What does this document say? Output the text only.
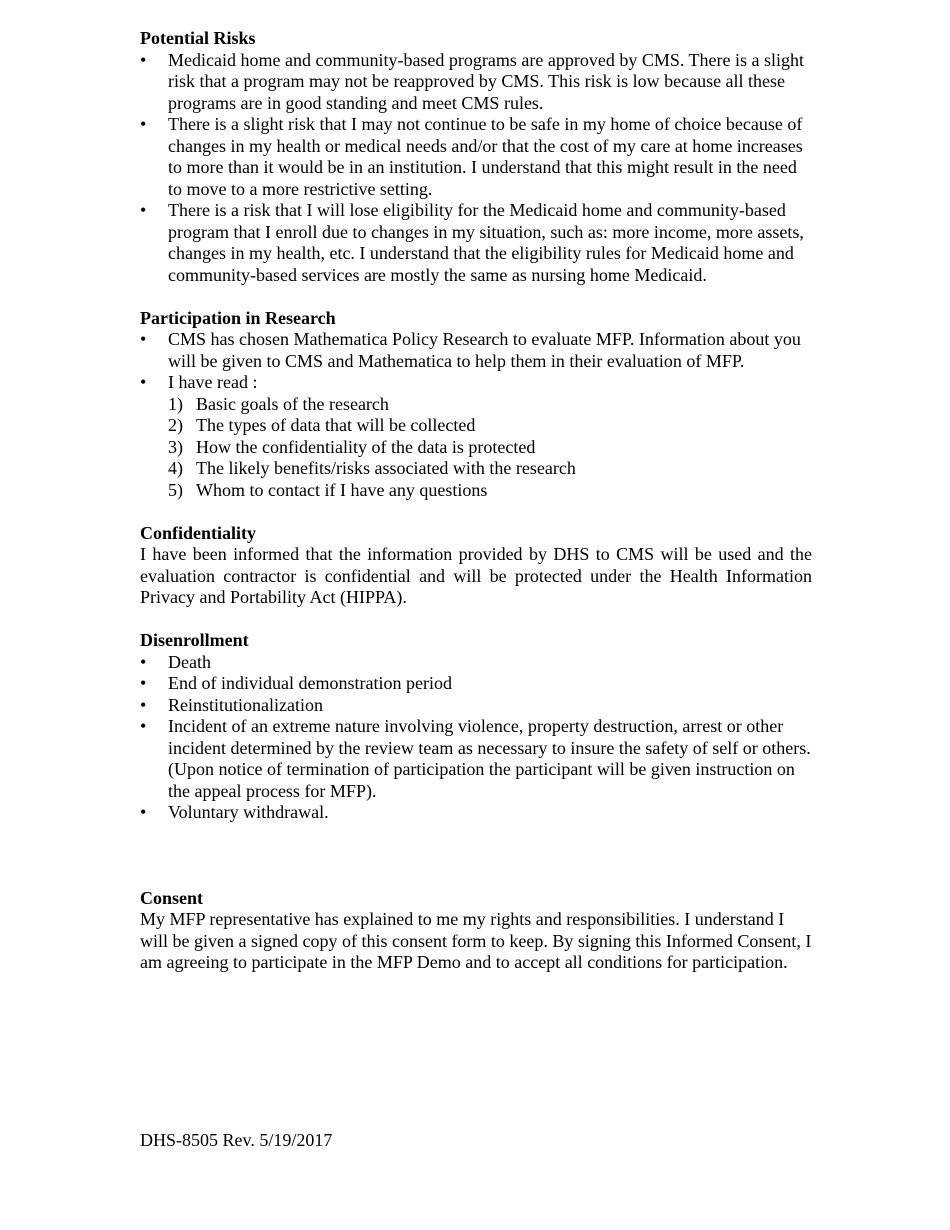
Potential Risks
• Medicaid home and community-based programs are approved by CMS. There is a slight risk that a program may not be reapproved by CMS. This risk is low because all these programs are in good standing and meet CMS rules.
• There is a slight risk that I may not continue to be safe in my home of choice because of changes in my health or medical needs and/or that the cost of my care at home increases to more than it would be in an institution. I understand that this might result in the need to move to a more restrictive setting.
• There is a risk that I will lose eligibility for the Medicaid home and community-based program that I enroll due to changes in my situation, such as: more income, more assets, changes in my health, etc. I understand that the eligibility rules for Medicaid home and community-based services are mostly the same as nursing home Medicaid.
Participation in Research
• CMS has chosen Mathematica Policy Research to evaluate MFP. Information about you will be given to CMS and Mathematica to help them in their evaluation of MFP.
• I have read :
1) Basic goals of the research
2) The types of data that will be collected
3) How the confidentiality of the data is protected
4) The likely benefits/risks associated with the research
5) Whom to contact if I have any questions
Confidentiality

I have been informed that the information provided by DHS to CMS will be used and the evaluation contractor is confidential and will be protected under the Health Information Privacy and Portability Act (HIPPA).

Disenrollment
• Death
• End of individual demonstration period
• Reinstitutionalization
• Incident of an extreme nature involving violence, property destruction, arrest or other incident determined by the review team as necessary to insure the safety of self or others. (Upon notice of termination of participation the participant will be given instruction on the appeal process for MFP).
• Voluntary withdrawal.
Consent

My MFP representative has explained to me my rights and responsibilities. I understand I will be given a signed copy of this consent form to keep. By signing this Informed Consent, I am agreeing to participate in the MFP Demo and to accept all conditions for participation.

DHS-8505 Rev. 5/19/2017
